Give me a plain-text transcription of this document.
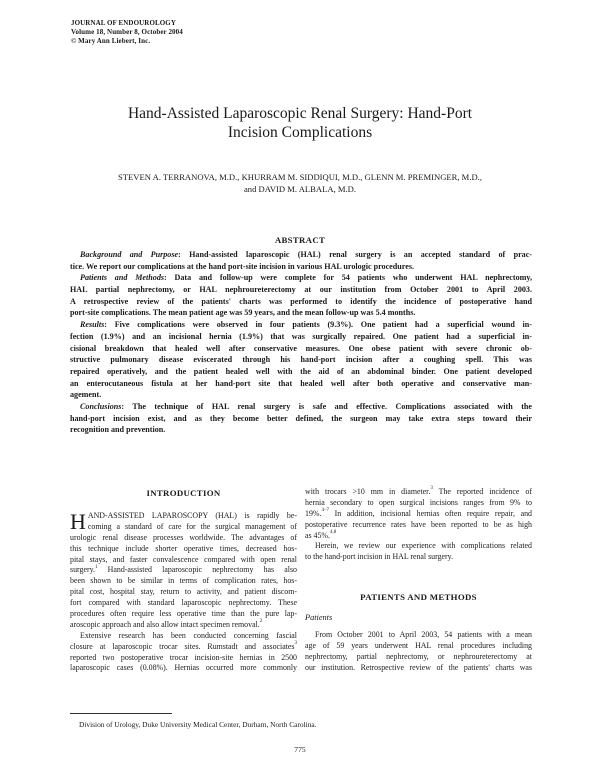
JOURNAL OF ENDOUROLOGY
Volume 18, Number 8, October 2004
© Mary Ann Liebert, Inc.
Hand-Assisted Laparoscopic Renal Surgery: Hand-Port
Incision Complications
STEVEN A. TERRANOVA, M.D., KHURRAM M. SIDDIQUI, M.D., GLENN M. PREMINGER, M.D.,
and DAVID M. ALBALA, M.D.
ABSTRACT
Background and Purpose: Hand-assisted laparoscopic (HAL) renal surgery is an accepted standard of prac-
tice. We report our complications at the hand port-site incision in various HAL urologic procedures.
Patients and Methods: Data and follow-up were complete for 54 patients who underwent HAL nephrectomy,
HAL partial nephrectomy, or HAL nephroureterectomy at our institution from October 2001 to April 2003.
A retrospective review of the patients' charts was performed to identify the incidence of postoperative hand
port-site complications. The mean patient age was 59 years, and the mean follow-up was 5.4 months.
Results: Five complications were observed in four patients (9.3%). One patient had a superficial wound in-
fection (1.9%) and an incisional hernia (1.9%) that was surgically repaired. One patient had a superficial in-
cisional breakdown that healed well after conservative measures. One obese patient with severe chronic ob-
structive pulmonary disease eviscerated through his hand-port incision after a coughing spell. This was
repaired operatively, and the patient healed well with the aid of an abdominal binder. One patient developed
an enterocutaneous fistula at her hand-port site that healed well after both operative and conservative man-
agement.
Conclusions: The technique of HAL renal surgery is safe and effective. Complications associated with the
hand-port incision exist, and as they become better defined, the surgeon may take extra steps toward their
recognition and prevention.
INTRODUCTION
H AND-ASSISTED LAPAROSCOPY (HAL) is rapidly be-
coming a standard of care for the surgical management of
urologic renal disease processes worldwide. The advantages of
this technique include shorter operative times, decreased hos-
pital stays, and faster convalescence compared with open renal
surgery.$^1$ Hand-assisted laparoscopic nephrectomy has also
been shown to be similar in terms of complication rates, hos-
pital cost, hospital stay, return to activity, and patient discom-
fort compared with standard laparoscopic nephrectomy. These
procedures often require less operative time than the pure lap-
aroscopic approach and also allow intact specimen removal.$^2$
Extensive research has been conducted concerning fascial
closure at laparoscopic trocar sites. Rumstadt and associates$^3$
reported two postoperative trocar incision-site hernias in 2500
laparoscopic cases (0.08%). Hernias occurred more commonly
with trocars >10 mm in diameter.$^3$ The reported incidence of
hernia secondary to open surgical incisions ranges from 9% to
19%.$^{4-7}$ In addition, incisional hernias often require repair, and
postoperative recurrence rates have been reported to be as high
as 45%.$^{4,8}$
Herein, we review our experience with complications related
to the hand-port incision in HAL renal surgery.
PATIENTS AND METHODS
Patients
From October 2001 to April 2003, 54 patients with a mean
age of 59 years underwent HAL renal procedures including
nephrectomy, partial nephrectomy, or nephroureterectomy at
our institution. Retrospective review of the patients' charts was
Division of Urology, Duke University Medical Center, Durham, North Carolina.
775
